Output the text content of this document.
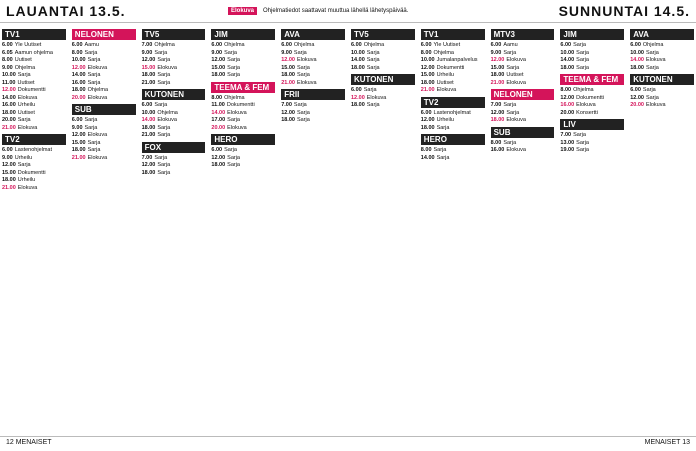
LAUANTAI 13.5.	Elokuva	Ohjelmatiedot saattavat muuttua lähellä lähetyspäivää.	SUNNUNTAI 14.5.
TV1
6.00 Yle Uutiset
6.05 Aamun ohjelma
8.00 Uutiset
9.00 Ohjelma
10.00 Sarja
11.00 Uutiset
12.00 Dokumentti
14.00 Elokuva
16.00 Urheilu
18.00 Uutiset
20.00 Sarja
21.00 Elokuva
TV2
6.00 Lastenohjelmat
9.00 Urheilu
12.00 Sarja
15.00 Dokumentti
18.00 Urheilu
21.00 Elokuva
NELONEN
6.00 Aamu
8.00 Sarja
10.00 Sarja
12.00 Elokuva
14.00 Sarja
16.00 Sarja
18.00 Ohjelma
20.00 Elokuva
SUB
6.00 Sarja
9.00 Sarja
12.00 Elokuva
15.00 Sarja
18.00 Sarja
21.00 Elokuva
TV5
7.00 Ohjelma
9.00 Sarja
12.00 Sarja
15.00 Elokuva
18.00 Sarja
21.00 Sarja
KUTONEN
6.00 Sarja
10.00 Ohjelma
14.00 Elokuva
18.00 Sarja
21.00 Sarja
FOX
7.00 Sarja
12.00 Sarja
18.00 Sarja
JIM
6.00 Ohjelma
9.00 Sarja
12.00 Sarja
15.00 Sarja
18.00 Sarja
TEEMA & FEM
8.00 Ohjelma
11.00 Dokumentti
14.00 Elokuva
17.00 Sarja
20.00 Elokuva
HERO
6.00 Sarja
12.00 Sarja
18.00 Sarja
AVA
6.00 Ohjelma
9.00 Sarja
12.00 Elokuva
15.00 Sarja
18.00 Sarja
21.00 Elokuva
FRII
7.00 Sarja
12.00 Sarja
18.00 Sarja
TV5
6.00 Ohjelma
10.00 Sarja
14.00 Sarja
18.00 Sarja
KUTONEN
6.00 Sarja
12.00 Elokuva
18.00 Sarja
TV1
6.00 Yle Uutiset
8.00 Ohjelma
10.00 Jumalanpalvelus
12.00 Dokumentti
15.00 Urheilu
18.00 Uutiset
21.00 Elokuva
TV2
6.00 Lastenohjelmat
12.00 Urheilu
18.00 Sarja
HERO
8.00 Sarja
14.00 Sarja
MTV3
6.00 Aamu
9.00 Sarja
12.00 Elokuva
15.00 Sarja
18.00 Uutiset
21.00 Elokuva
NELONEN
7.00 Sarja
12.00 Sarja
18.00 Elokuva
SUB
8.00 Sarja
16.00 Elokuva
JIM
6.00 Sarja
10.00 Sarja
14.00 Sarja
18.00 Sarja
TEEMA & FEM
8.00 Ohjelma
12.00 Dokumentti
16.00 Elokuva
20.00 Konsertti
LIV
7.00 Sarja
13.00 Sarja
19.00 Sarja
AVA
6.00 Ohjelma
10.00 Sarja
14.00 Elokuva
18.00 Sarja
KUTONEN
6.00 Sarja
12.00 Sarja
20.00 Elokuva
12 MENAISET	MENAISET 13
